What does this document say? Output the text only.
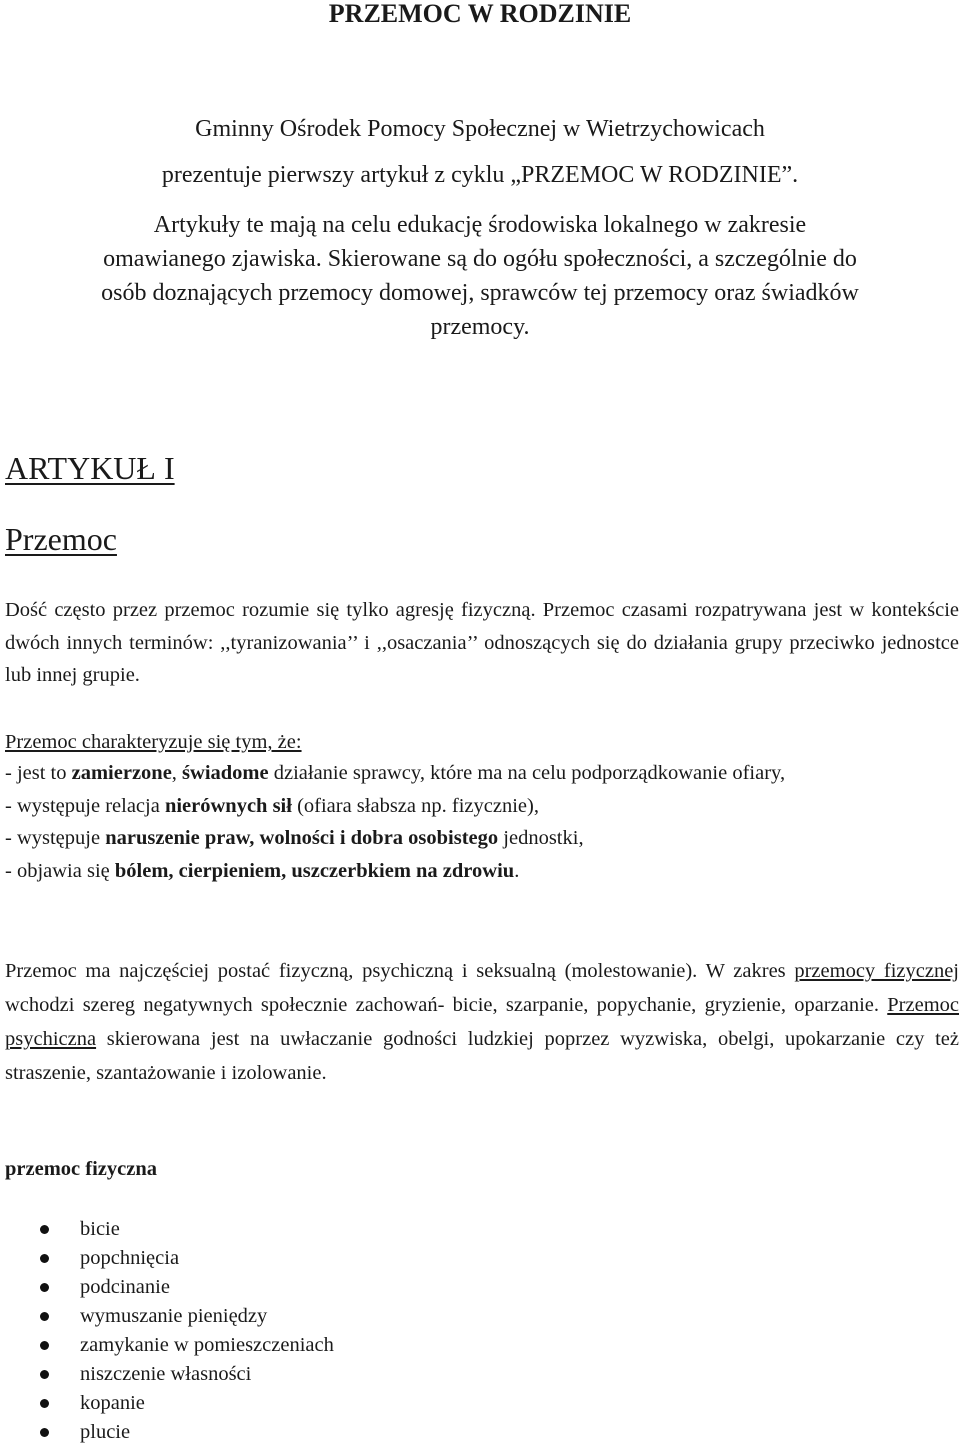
PRZEMOC W RODZINIE
Gminny Ośrodek Pomocy Społecznej w Wietrzychowicach
prezentuje pierwszy artykuł z cyklu „PRZEMOC W RODZINIE”.
Artykuły te mają na celu edukację środowiska lokalnego w zakresie
omawianego zjawiska. Skierowane są do ogółu społeczności, a szczególnie do
osób doznających przemocy domowej, sprawców tej przemocy oraz świadków
przemocy.
ARTYKUŁ I
Przemoc
Dość często przez przemoc rozumie się tylko agresję fizyczną. Przemoc czasami rozpatrywana jest w kontekście dwóch innych terminów: ,,tyranizowania’’ i ,,osaczania’’ odnoszących się do działania grupy przeciwko jednostce lub innej grupie.
Przemoc charakteryzuje się tym, że:
- jest to zamierzone, świadome działanie sprawcy, które ma na celu podporządkowanie ofiary,
- występuje relacja nierównych sił (ofiara słabsza np. fizycznie),
- występuje naruszenie praw, wolności i dobra osobistego jednostki,
- objawia się bólem, cierpieniem, uszczerbkiem na zdrowiu.
Przemoc ma najczęściej postać fizyczną, psychiczną i seksualną (molestowanie). W zakres przemocy fizycznej wchodzi szereg negatywnych społecznie zachowań- bicie, szarpanie, popychanie, gryzienie, oparzanie. Przemoc psychiczna skierowana jest na uwłaczanie godności ludzkiej poprzez wyzwiska, obelgi, upokarzanie czy też straszenie, szantażowanie i izolowanie.
przemoc fizyczna
bicie
popchnięcia
podcinanie
wymuszanie pieniędzy
zamykanie w pomieszczeniach
niszczenie własności
kopanie
plucie
